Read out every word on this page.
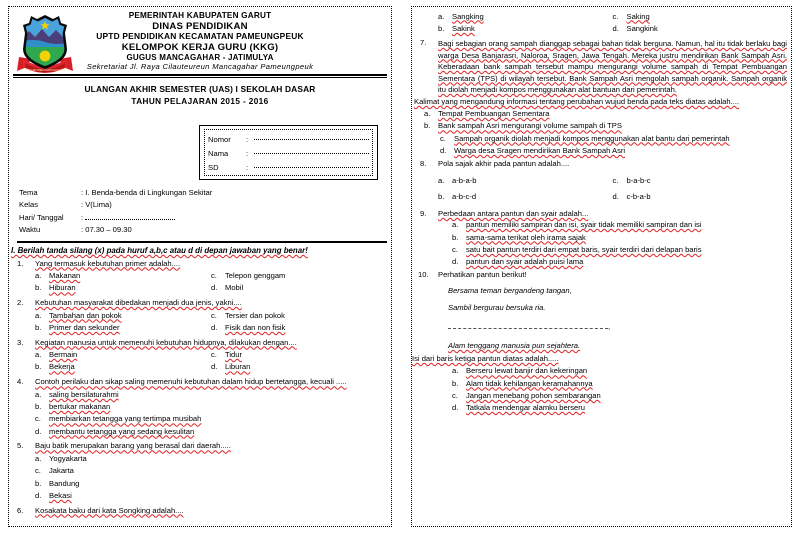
TATA TENTREM KERTA RAHARJA
PEMERINTAH KABUPATEN GARUT
DINAS PENDIDIKAN
UPTD PENDIDIKAN KECAMATAN PAMEUNGPEUK
KELOMPOK KERJA GURU (KKG)
GUGUS MANCAGAHAR - JATIMULYA
Sekretariat Jl. Raya Cilauteureun Mancagahar Pameungpeuk
ULANGAN AKHIR SEMESTER (UAS) I SEKOLAH DASAR
TAHUN PELAJARAN 2015 - 2016
Nomor	:
Nama	:
SD	:
Tema	: I. Benda-benda di Lingkungan Sekitar
Kelas	: V(Lima)
Hari/ Tanggal	:
Waktu	: 07.30 – 09.30
I. Berilah tanda silang (x) pada huruf a,b,c atau d di depan jawaban yang benar!
1.	Yang termasuk kebutuhan primer adalah....
a. Makanan	c. Telepon genggam
b. Hiburan	d. Mobil
2.	Kebutuhan masyarakat dibedakan menjadi dua jenis, yakni....
a. Tambahan dan pokok	c. Tersier dan pokok
b. Primer dan sekunder	d. Fisik dan non fisik
3.	Kegiatan manusia untuk memenuhi kebutuhan hidupnya, dilakukan dengan....
a. Bermain	c. Tidur
b. Bekerja	d. Liburan
4.	Contoh perilaku dan sikap saling memenuhi kebutuhan dalam hidup bertetangga, kecuali .....
a. saling bersilaturahmi
b. bertukar makanan
c. membiarkan tetangga yang tertimpa musibah
d. membantu tetangga yang sedang kesulitan
5.	Baju batik merupakan barang yang berasal dari daerah.....
a. Yogyakarta
c. Jakarta
b. Bandung
d. Bekasi
6.	Kosakata baku dari kata Songking adalah....
a. Sangking	c. Saking
b. Sakink	d. Sangkink
7.	Bagi sebagian orang sampah dianggap sebagai bahan tidak berguna. Namun, hal itu tidak berlaku bagi warga Desa Banjarasri, Naloroa, Sragen, Jawa Tengah. Mereka justru mendirikan Bank Sampah Asri. Keberadaan bank sampah tersebut mampu mengurangi volume sampah di Tempat Pembuangan Sementara (TPS) di wilayah tersebut. Bank Sampah Asri mengolah sampah organik. Sampah organik itu diolah menjadi kompos menggunakan alat bantuan dari pemerintah.
Kalimat yang mengandung informasi tentang perubahan wujud benda pada teks diatas adalah....
a. Tempat Pembuangan Sementara
b. Bank sampah Asri mengurangi volume sampah di TPS
c. Sampah organik diolah menjadi kompos menggunakan alat bantu dari pemerintah
d. Warga desa Sragen mendirikan Bank Sampah Asri
8. Pola sajak akhir pada pantun adalah....
a. a-b-a-b	c. b-a-b-c
b. a-b-c-d	d. c-b-a-b
9. Perbedaan antara pantun dan syair adalah...
a. pantun memiliki sampiran dan isi, syair tidak memiliki sampiran dan isi
b. sama-sama terikat oleh irama sajak
c. satu bait pantun terdiri dari empat baris, syair terdiri dari delapan baris
d. pantun dan syair adalah puisi lama
10. Perhatikan pantun berikut!
Bersama teman bergandeng tangan,
Sambil bergurau bersuka ria.
,
Alam tenggang manusia pun sejahtera.
Isi dari baris ketiga pantun diatas adalah.....
a. Berseru lewat banjir dan kekeringan
b. Alam tidak kehilangan keramahannya
c. Jangan menebang pohon sembarangan
d. Tatkala mendengar alamku berseru
